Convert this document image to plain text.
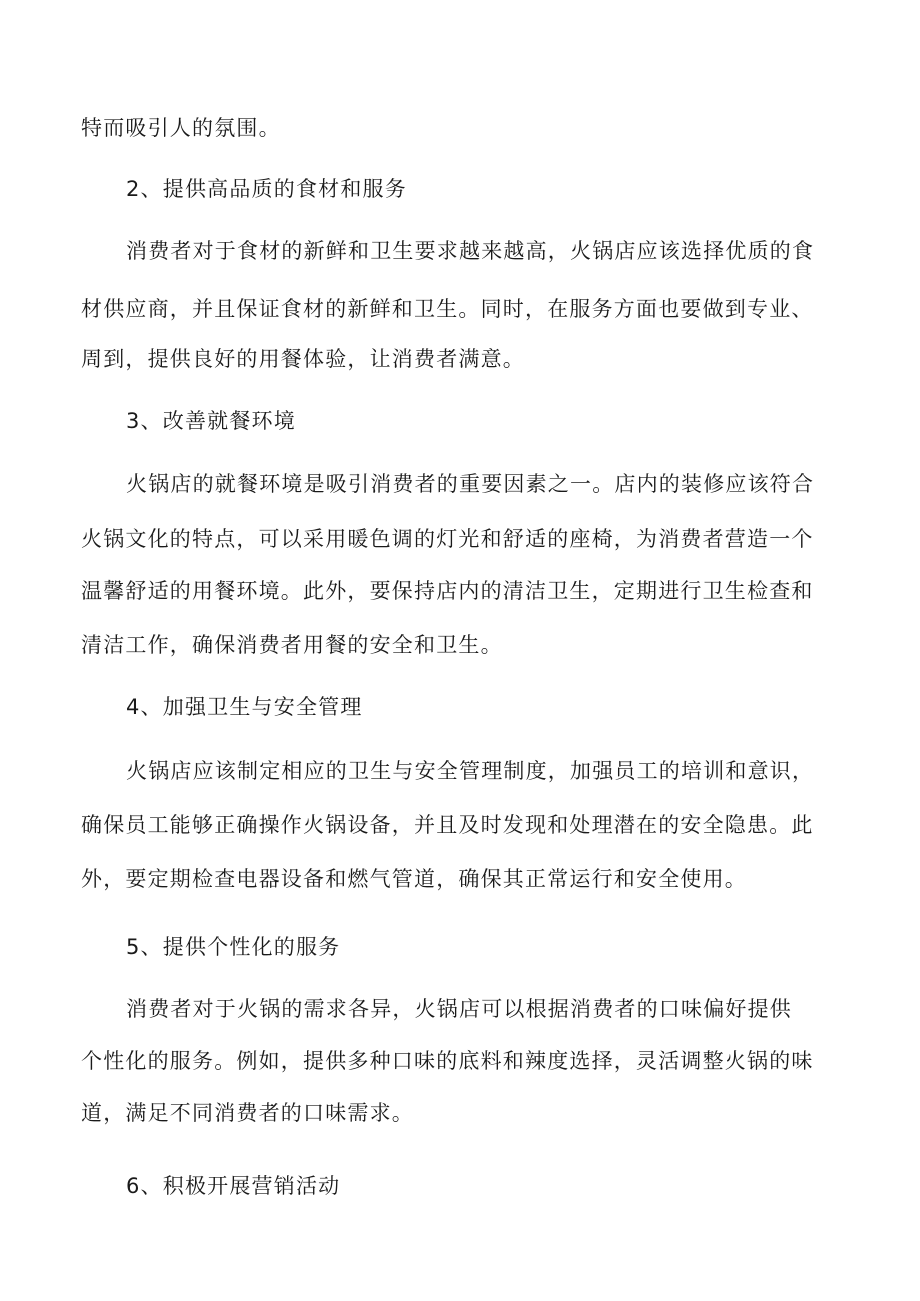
特而吸引人的氛围。
2、提供高品质的食材和服务
消费者对于食材的新鲜和卫生要求越来越高，火锅店应该选择优质的食
材供应商，并且保证食材的新鲜和卫生。同时，在服务方面也要做到专业、
周到，提供良好的用餐体验，让消费者满意。
3、改善就餐环境
火锅店的就餐环境是吸引消费者的重要因素之一。店内的装修应该符合
火锅文化的特点，可以采用暖色调的灯光和舒适的座椅，为消费者营造一个
温馨舒适的用餐环境。此外，要保持店内的清洁卫生，定期进行卫生检查和
清洁工作，确保消费者用餐的安全和卫生。
4、加强卫生与安全管理
火锅店应该制定相应的卫生与安全管理制度，加强员工的培训和意识，
确保员工能够正确操作火锅设备，并且及时发现和处理潜在的安全隐患。此
外，要定期检查电器设备和燃气管道，确保其正常运行和安全使用。
5、提供个性化的服务
消费者对于火锅的需求各异，火锅店可以根据消费者的口味偏好提供
个性化的服务。例如，提供多种口味的底料和辣度选择，灵活调整火锅的味
道，满足不同消费者的口味需求。
6、积极开展营销活动
